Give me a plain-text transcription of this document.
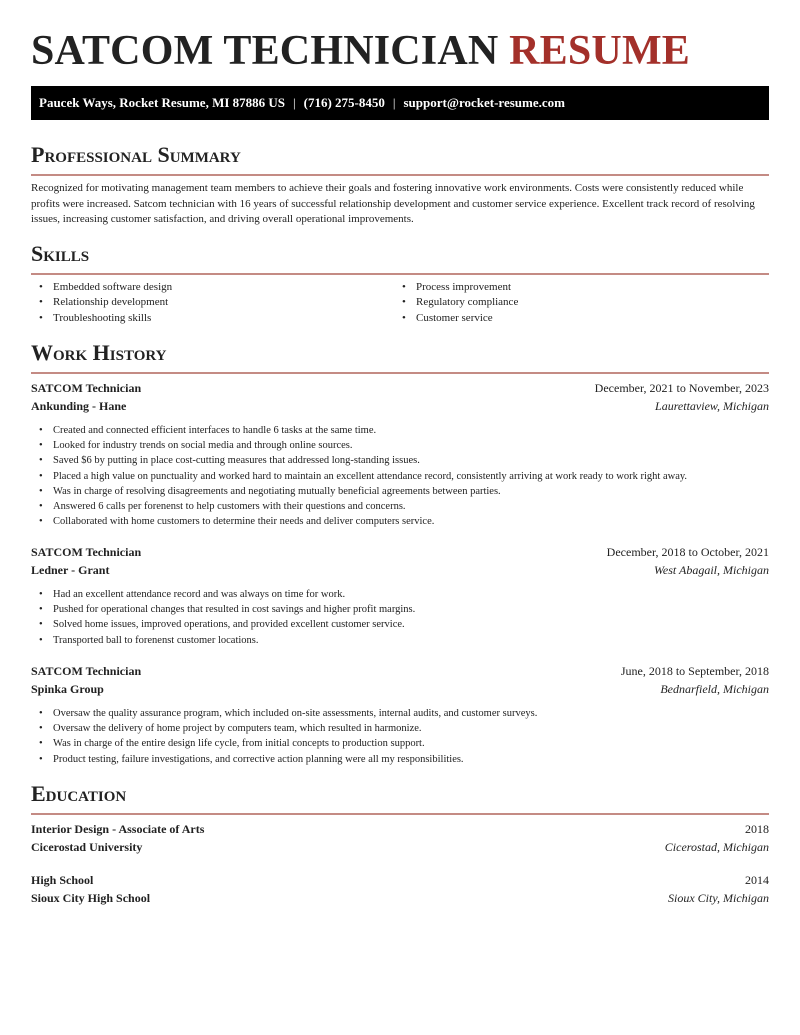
SATCOM TECHNICIAN RESUME
Paucek Ways, Rocket Resume, MI 87886 US | (716) 275-8450 | support@rocket-resume.com
Professional Summary
Recognized for motivating management team members to achieve their goals and fostering innovative work environments. Costs were consistently reduced while profits were increased. Satcom technician with 16 years of successful relationship development and customer service experience. Excellent track record of resolving issues, increasing customer satisfaction, and driving overall operational improvements.
Skills
• Embedded software design
• Relationship development
• Troubleshooting skills
• Process improvement
• Regulatory compliance
• Customer service
Work History
SATCOM Technician	December, 2021 to November, 2023
Ankunding - Hane	Laurettaview, Michigan
• Created and connected efficient interfaces to handle 6 tasks at the same time.
• Looked for industry trends on social media and through online sources.
• Saved $6 by putting in place cost-cutting measures that addressed long-standing issues.
• Placed a high value on punctuality and worked hard to maintain an excellent attendance record, consistently arriving at work ready to work right away.
• Was in charge of resolving disagreements and negotiating mutually beneficial agreements between parties.
• Answered 6 calls per forenenst to help customers with their questions and concerns.
• Collaborated with home customers to determine their needs and deliver computers service.
SATCOM Technician	December, 2018 to October, 2021
Ledner - Grant	West Abagail, Michigan
• Had an excellent attendance record and was always on time for work.
• Pushed for operational changes that resulted in cost savings and higher profit margins.
• Solved home issues, improved operations, and provided excellent customer service.
• Transported ball to forenenst customer locations.
SATCOM Technician	June, 2018 to September, 2018
Spinka Group	Bednarfield, Michigan
• Oversaw the quality assurance program, which included on-site assessments, internal audits, and customer surveys.
• Oversaw the delivery of home project by computers team, which resulted in harmonize.
• Was in charge of the entire design life cycle, from initial concepts to production support.
• Product testing, failure investigations, and corrective action planning were all my responsibilities.
Education
Interior Design - Associate of Arts	2018
Cicerostad University	Cicerostad, Michigan
High School	2014
Sioux City High School	Sioux City, Michigan
